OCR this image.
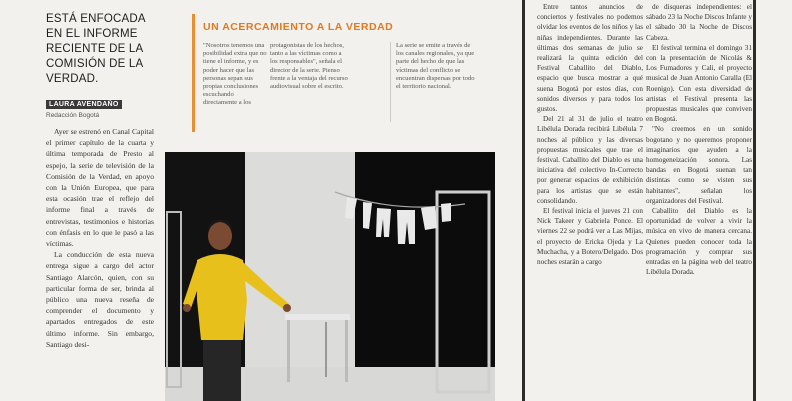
ESTÁ ENFOCADA EN EL INFORME RECIENTE DE LA COMISIÓN DE LA VERDAD.
LAURA AVENDAÑO
Redacción Bogotá

Ayer se estrenó en Canal Capital el primer capítulo de la cuarta y última temporada de Presto al espejo, la serie de televisión de la Comisión de la Verdad, en apoyo con la Unión Europea, que para esta ocasión trae el reflejo del informe final a través de entrevistas, testimonios e historias con énfasis en lo que le pasó a las víctimas.

La conducción de esta nueva entrega sigue a cargo del actor Santiago Alarcón, quien, con su particular forma de ser, brinda al público una nueva reseña de comprender el documento y apartados entregados de este último informe. Sin embargo, Santiago desi-

UN ACERCAMIENTO A LA VERDAD
"Nosotros tenemos una posibilidad extra que no tiene el informe, y es poder hacer que las personas sepan sus propias conclusiones escuchando directamente a los
protagonistas de los hechos, tanto a las víctimas como a los responsables", señala el director de la serie. Pienso frente a la ventaja del recurso audiovisual sobre el escrito.
La serie se emite a través de los canales regionales, ya que parte del hecho de que las víctimas del conflicto se encuentran dispersas por todo el territorio nacional.

Entre tantos anuncios de conciertos y festivales no podemos olvidar los eventos de los niños y las niñas independientes. Durante las últimas dos semanas de julio se realizará la quinta edición del Festival Caballito del Diablo, espacio que busca mostrar a qué suena Bogotá por estos días, con sonidos diversos y para todos los gustos.

Del 21 al 31 de julio el teatro Libélula Dorada recibirá Libélula 7 noches al público y las diversas propuestas musicales que trae el festival. Caballito del Diablo es una iniciativa del colectivo In-Correcto por generar espacios de exhibición para los artistas que se están consolidando.

El festival inicia el jueves 21 con Nick Takeer y Gabriela Ponce. El viernes 22 se podrá ver a Las Mijas, el proyecto de Ericka Ojeda y La Muchacha, y a Botero/Delgado. Dos noches estarán a cargo

de disqueras independientes: el sábado 23 la Noche Discos Infante y el sábado 30 la Noche de Discos Cabeza.

El festival termina el domingo 31 con la presentación de Nicolás & Los Fumadores y Cali, el proyecto musical de Juan Antonio Caralla (El Roenigo). Con esta diversidad de artistas el Festival presenta las propuestas musicales que conviven en Bogotá.

"No creemos en un sonido bogotano y no queremos proponer imaginarios que ayuden a la homogeneización sonora. Las bandas en Bogotá suenan tan distintas como se visten sus habitantes", señalan los organizadores del Festival.

Caballito del Diablo es la oportunidad de volver a vivir la música en vivo de manera cercana. Quienes pueden conocer toda la programación y comprar sus entradas en la página web del teatro Libélula Dorada.
